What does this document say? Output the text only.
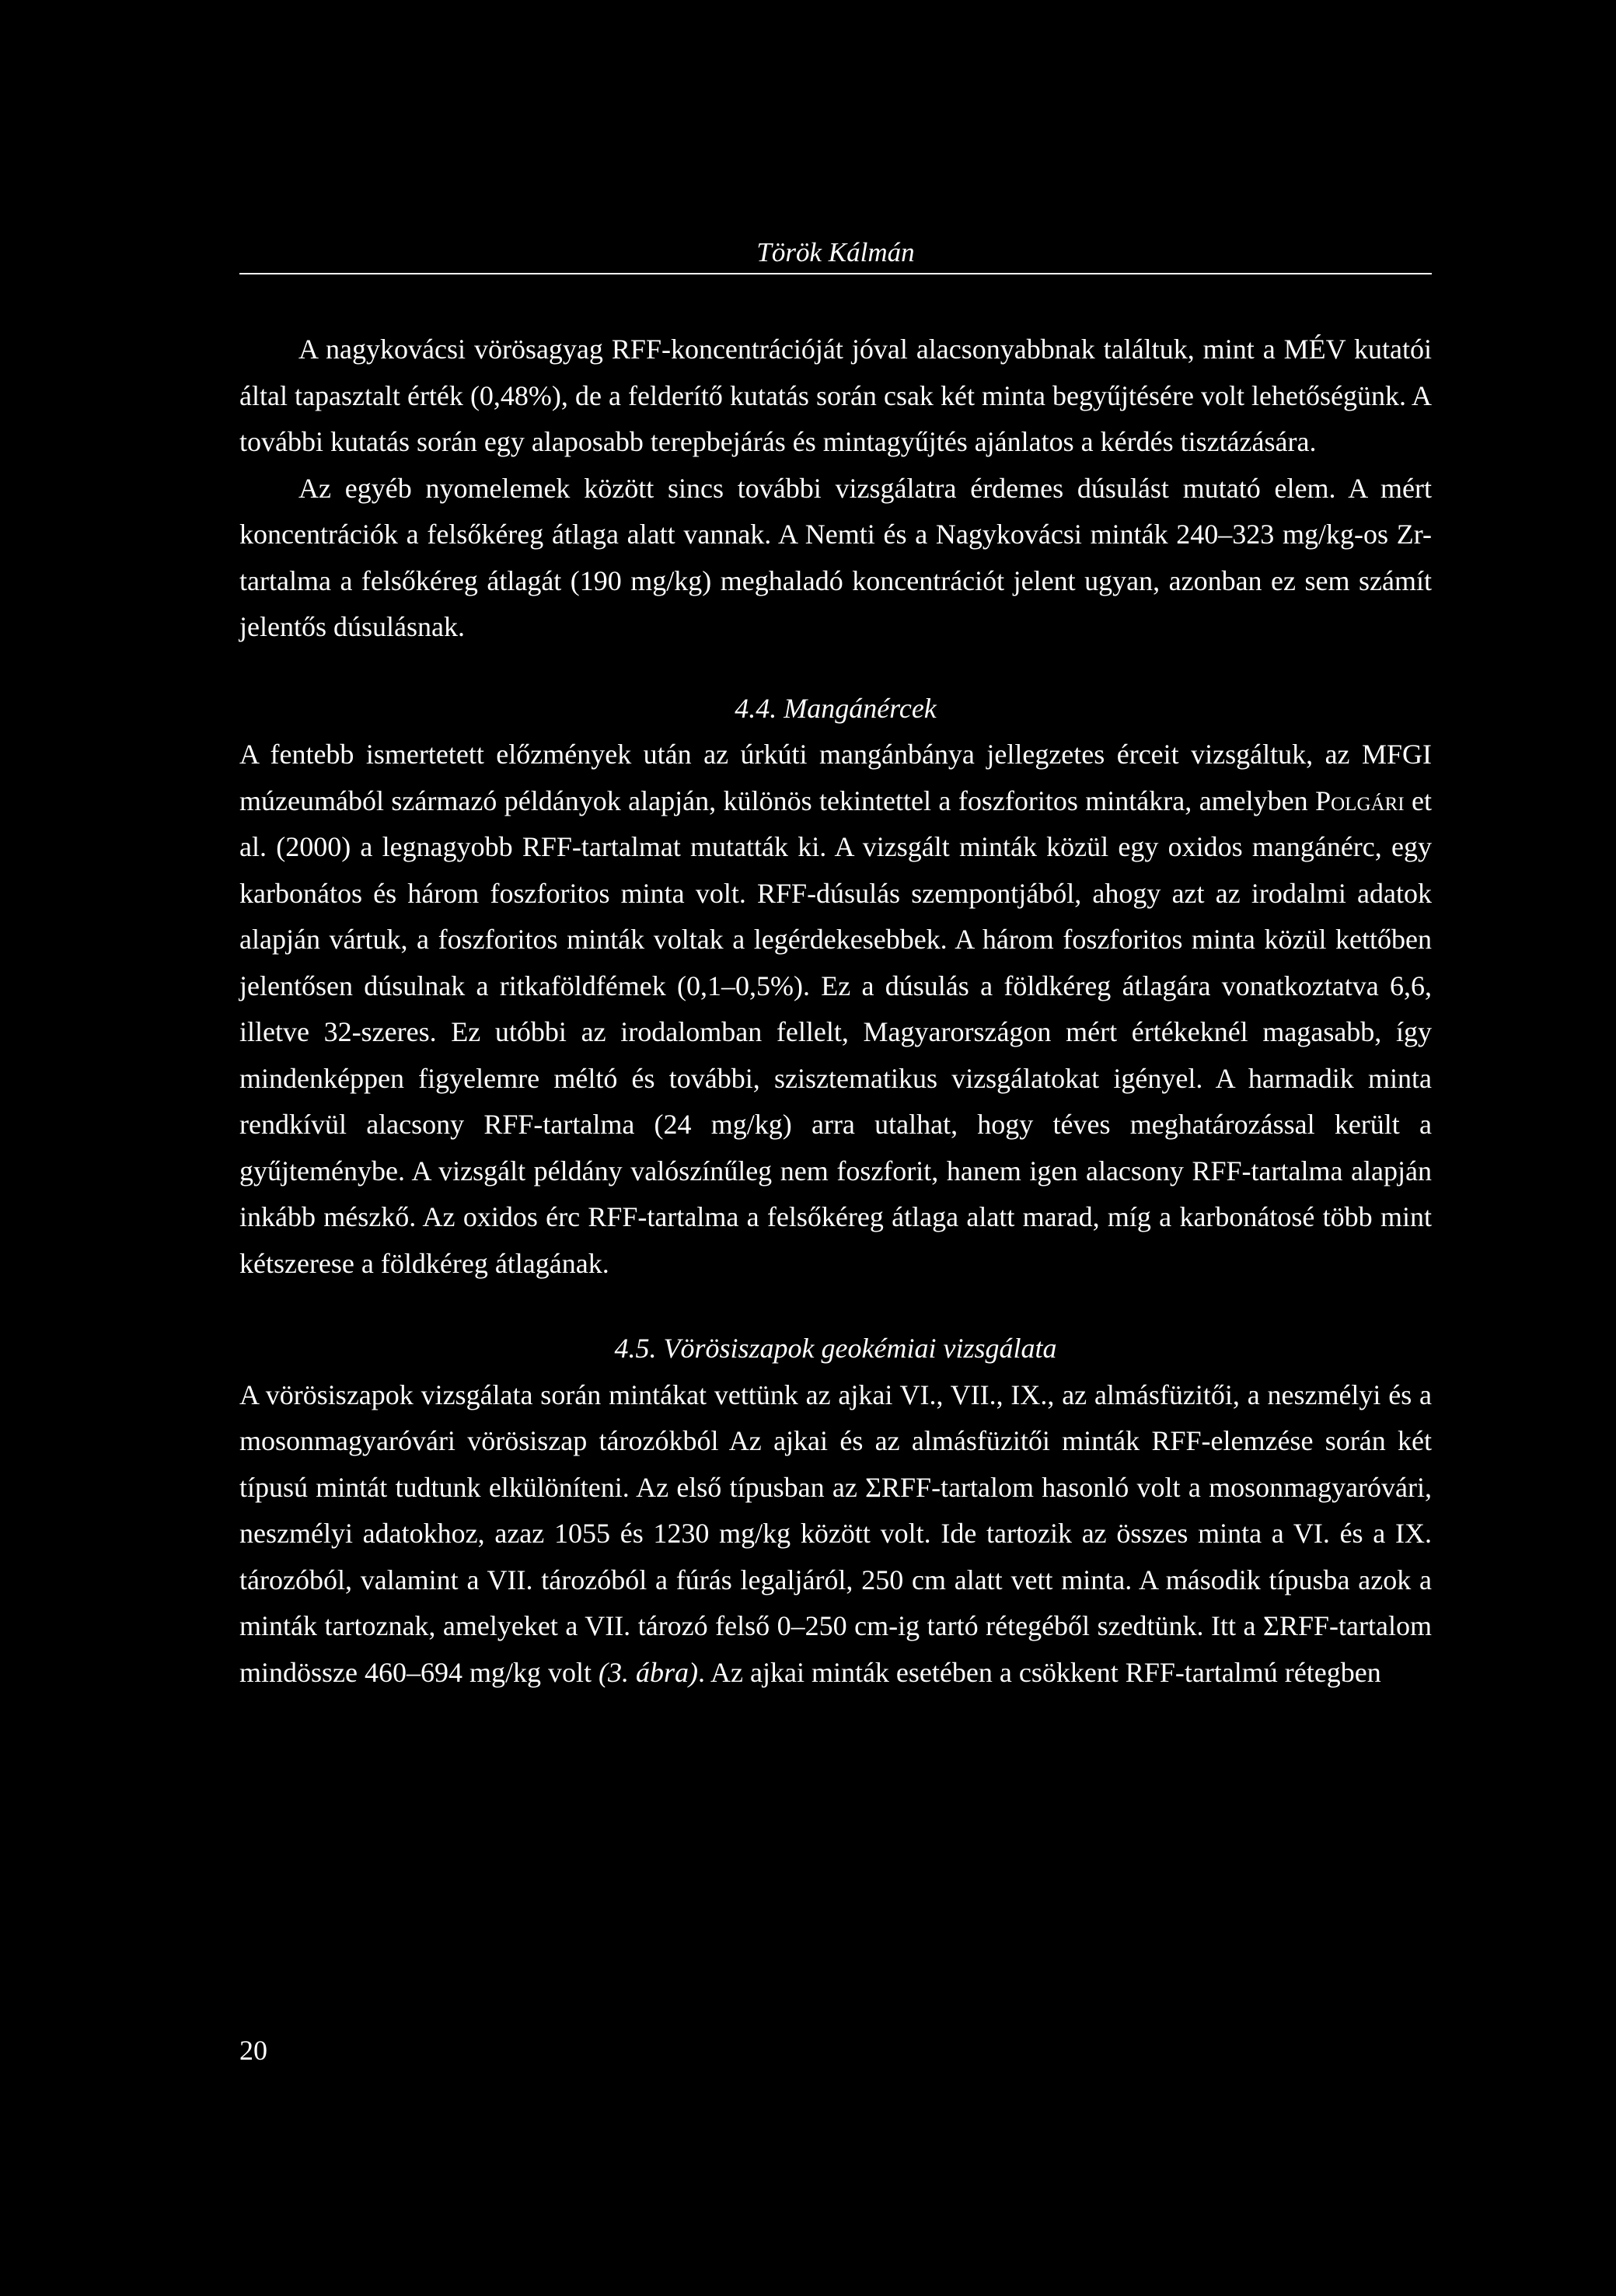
Török Kálmán

A nagykovácsi vörösagyag RFF-koncentrációját jóval alacsonyabbnak találtuk, mint a MÉV kutatói által tapasztalt érték (0,48%), de a felderítő kutatás során csak két minta begyűjtésére volt lehetőségünk. A további kutatás során egy alaposabb terepbejárás és mintagyűjtés ajánlatos a kérdés tisztázására.

Az egyéb nyomelemek között sincs további vizsgálatra érdemes dúsulást mutató elem. A mért koncentrációk a felsőkéreg átlaga alatt vannak. A Nemti és a Nagykovácsi minták 240–323 mg/kg-os Zr-tartalma a felsőkéreg átlagát (190 mg/kg) meghaladó koncentrációt jelent ugyan, azonban ez sem számít jelentős dúsulásnak.

4.4. Mangánércek

A fentebb ismertetett előzmények után az úrkúti mangánbánya jellegzetes érceit vizsgáltuk, az MFGI múzeumából származó példányok alapján, különös tekintettel a foszforitos mintákra, amelyben Polgári et al. (2000) a legnagyobb RFF-tartalmat mutatták ki. A vizsgált minták közül egy oxidos mangánérc, egy karbonátos és három foszforitos minta volt. RFF-dúsulás szempontjából, ahogy azt az irodalmi adatok alapján vártuk, a foszforitos minták voltak a legérdekesebbek. A három foszforitos minta közül kettőben jelentősen dúsulnak a ritkaföldfémek (0,1–0,5%). Ez a dúsulás a földkéreg átlagára vonatkoztatva 6,6, illetve 32-szeres. Ez utóbbi az irodalomban fellelt, Magyarországon mért értékeknél magasabb, így mindenképpen figyelemre méltó és további, szisztematikus vizsgálatokat igényel. A harmadik minta rendkívül alacsony RFF-tartalma (24 mg/kg) arra utalhat, hogy téves meghatározással került a gyűjteménybe. A vizsgált példány valószínűleg nem foszforit, hanem igen alacsony RFF-tartalma alapján inkább mészkő. Az oxidos érc RFF-tartalma a felsőkéreg átlaga alatt marad, míg a karbonátosé több mint kétszerese a földkéreg átlagának.

4.5. Vörösiszapok geokémiai vizsgálata

A vörösiszapok vizsgálata során mintákat vettünk az ajkai VI., VII., IX., az almásfüzitői, a neszmélyi és a mosonmagyaróvári vörösiszap tározókból Az ajkai és az almásfüzitői minták RFF-elemzése során két típusú mintát tudtunk elkülöníteni. Az első típusban az ΣRFF-tartalom hasonló volt a mosonmagyaróvári, neszmélyi adatokhoz, azaz 1055 és 1230 mg/kg között volt. Ide tartozik az összes minta a VI. és a IX. tározóból, valamint a VII. tározóból a fúrás legaljáról, 250 cm alatt vett minta. A második típusba azok a minták tartoznak, amelyeket a VII. tározó felső 0–250 cm-ig tartó rétegéből szedtünk. Itt a ΣRFF-tartalom mindössze 460–694 mg/kg volt (3. ábra). Az ajkai minták esetében a csökkent RFF-tartalmú rétegben

20
